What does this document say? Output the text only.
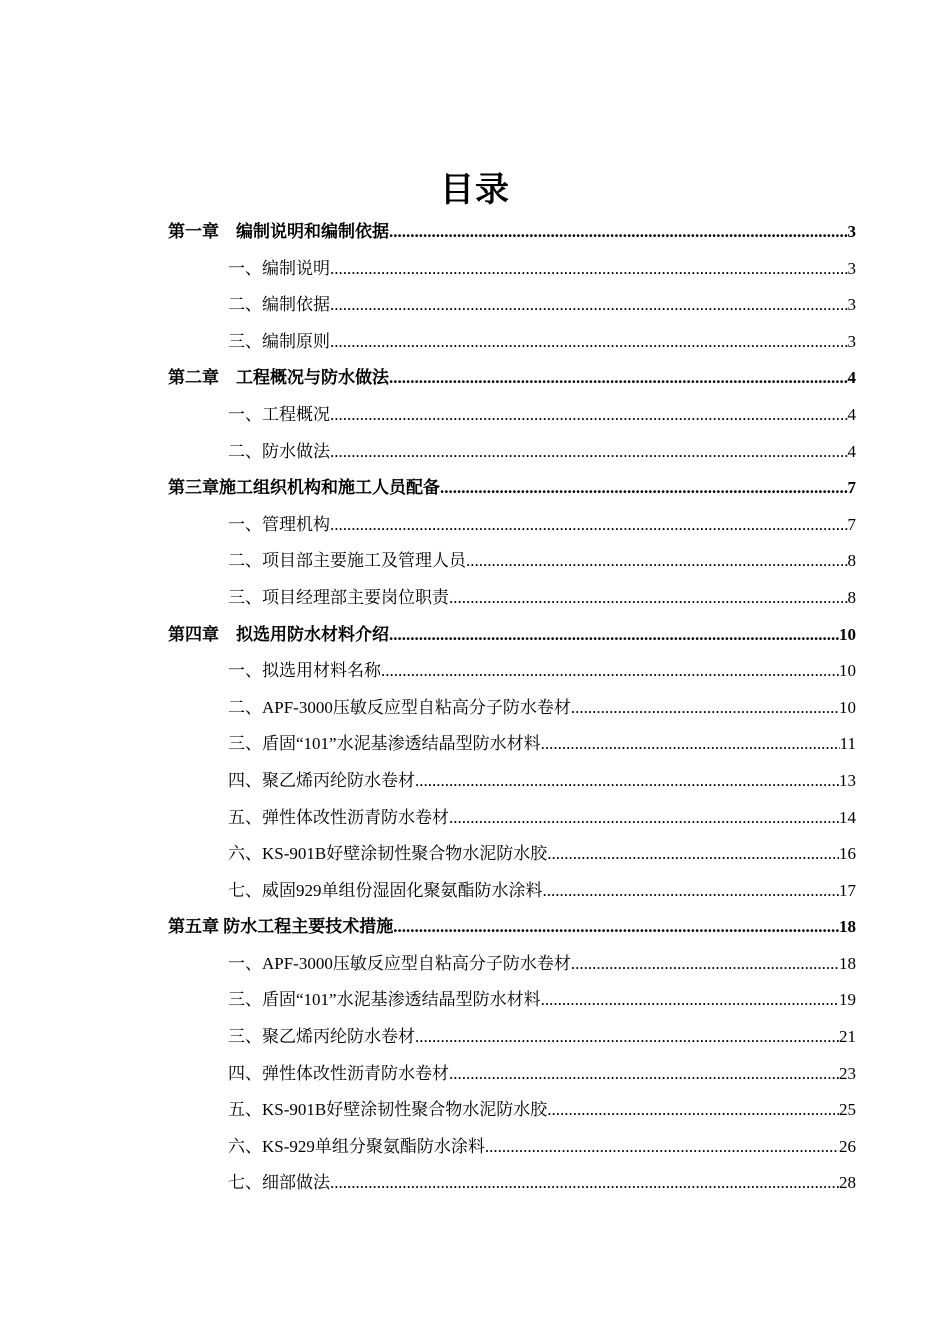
目录
第一章　编制说明和编制依据 .....	3
一、编制说明 .....	3
二、编制依据 .....	3
三、编制原则 .....	3
第二章　工程概况与防水做法 .....	4
一、工程概况 .....	4
二、防水做法 .....	4
第三章施工组织机构和施工人员配备 .....	7
一、管理机构 .....	7
二、项目部主要施工及管理人员 .....	8
三、项目经理部主要岗位职责 .....	8
第四章　拟选用防水材料介绍 .....	10
一、拟选用材料名称 .....	10
二、APF-3000压敏反应型自粘高分子防水卷材 .....	10
三、盾固“101”水泥基渗透结晶型防水材料 .....	11
四、聚乙烯丙纶防水卷材 .....	13
五、弹性体改性沥青防水卷材 .....	14
六、KS-901B好壁涂韧性聚合物水泥防水胶 .....	16
七、威固929单组份湿固化聚氨酯防水涂料 .....	17
第五章 防水工程主要技术措施 .....	18
一、APF-3000压敏反应型自粘高分子防水卷材 .....	18
三、盾固“101”水泥基渗透结晶型防水材料 .....	19
三、聚乙烯丙纶防水卷材 .....	21
四、弹性体改性沥青防水卷材 .....	23
五、KS-901B好壁涂韧性聚合物水泥防水胶 .....	25
六、KS-929单组分聚氨酯防水涂料 .....	26
七、细部做法 .....	28
